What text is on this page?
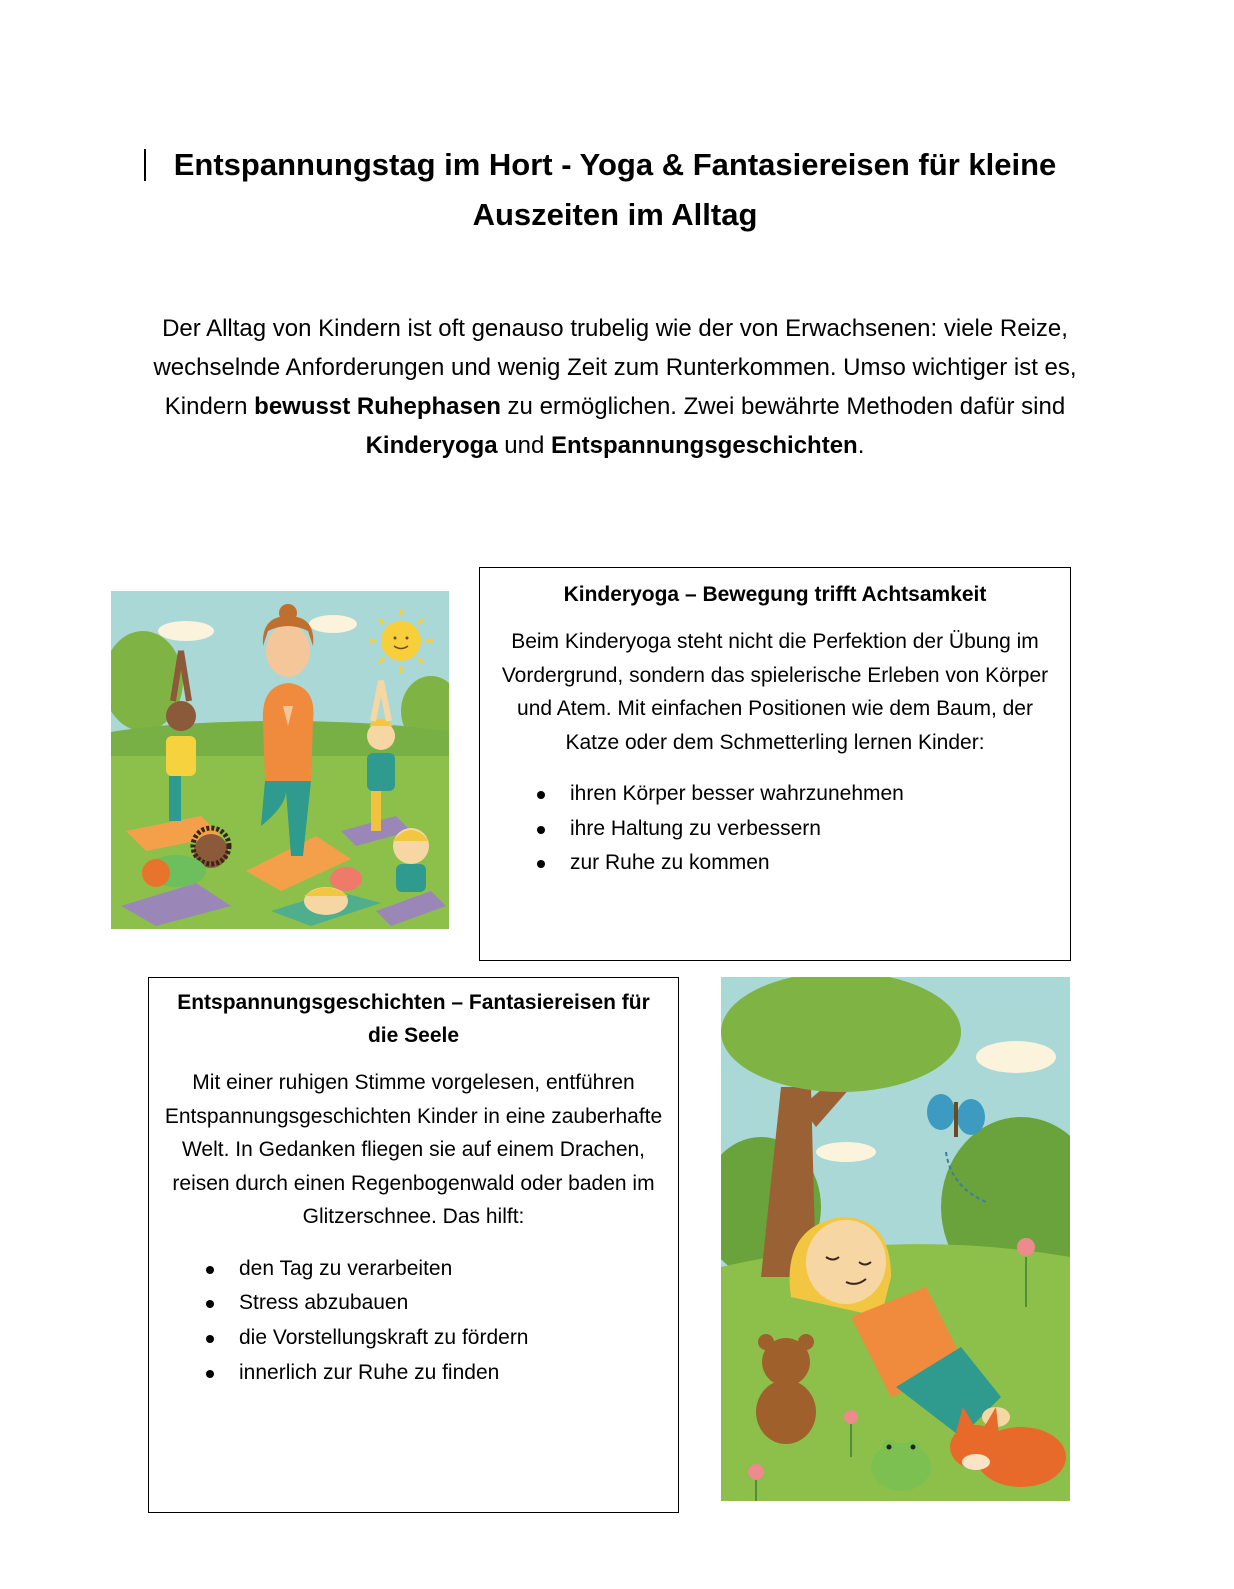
Entspannungstag im Hort - Yoga & Fantasiereisen für kleine Auszeiten im Alltag

Der Alltag von Kindern ist oft genauso trubelig wie der von Erwachsenen: viele Reize, wechselnde Anforderungen und wenig Zeit zum Runterkommen. Umso wichtiger ist es, Kindern bewusst Ruhephasen zu ermöglichen. Zwei bewährte Methoden dafür sind Kinderyoga und Entspannungsgeschichten.

Kinderyoga – Bewegung trifft Achtsamkeit

Beim Kinderyoga steht nicht die Perfektion der Übung im Vordergrund, sondern das spielerische Erleben von Körper und Atem. Mit einfachen Positionen wie dem Baum, der Katze oder dem Schmetterling lernen Kinder:

ihren Körper besser wahrzunehmen
ihre Haltung zu verbessern
zur Ruhe zu kommen
Entspannungsgeschichten – Fantasiereisen für die Seele

Mit einer ruhigen Stimme vorgelesen, entführen Entspannungsgeschichten Kinder in eine zauberhafte Welt. In Gedanken fliegen sie auf einem Drachen, reisen durch einen Regenbogenwald oder baden im Glitzerschnee. Das hilft:

den Tag zu verarbeiten
Stress abzubauen
die Vorstellungskraft zu fördern
innerlich zur Ruhe zu finden
